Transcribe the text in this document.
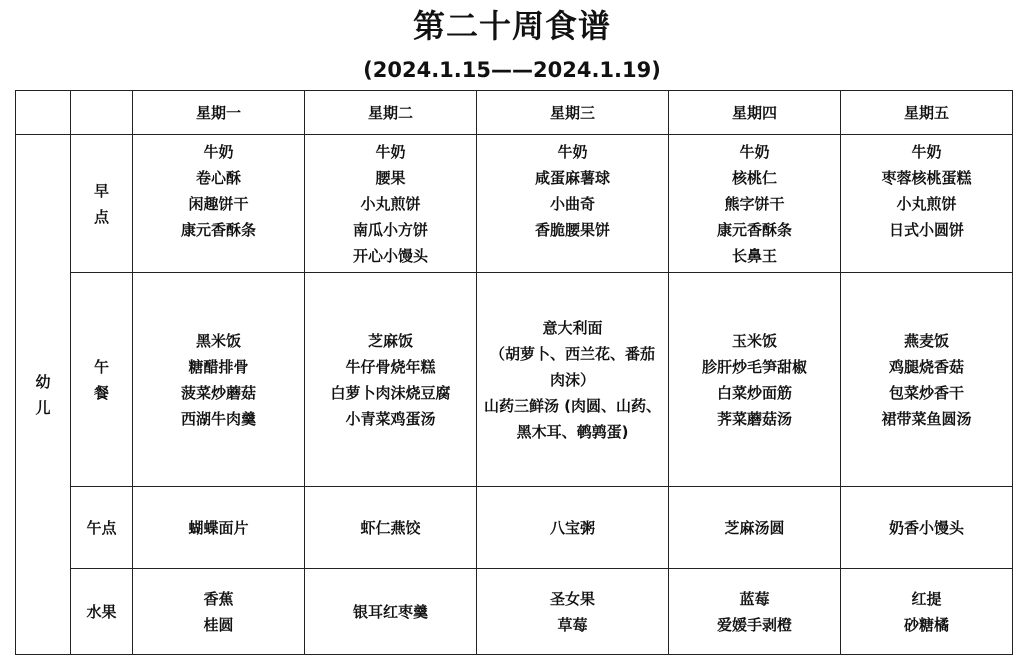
第二十周食谱
(2024.1.15——2024.1.19)
		星期一	星期二	星期三	星期四	星期五

幼
儿	早
点	牛奶
卷心酥
闲趣饼干
康元香酥条	牛奶
腰果
小丸煎饼
南瓜小方饼
开心小馒头	牛奶
咸蛋麻薯球
小曲奇
香脆腰果饼	牛奶
核桃仁
熊字饼干
康元香酥条
长鼻王	牛奶
枣蓉核桃蛋糕
小丸煎饼
日式小圆饼

	午
餐	黑米饭
糖醋排骨
菠菜炒蘑菇
西湖牛肉羹	芝麻饭
牛仔骨烧年糕
白萝卜肉沫烧豆腐
小青菜鸡蛋汤	意大利面
（胡萝卜、西兰花、番茄
肉沫）
山药三鲜汤 (肉圆、山药、
黑木耳、鹌鹑蛋)	玉米饭
胗肝炒毛笋甜椒
白菜炒面筋
荠菜蘑菇汤	燕麦饭
鸡腿烧香菇
包菜炒香干
裙带菜鱼圆汤

	午点	蝴蝶面片	虾仁燕饺	八宝粥	芝麻汤圆	奶香小馒头

	水果	香蕉
桂圆	银耳红枣羹	圣女果
草莓	蓝莓
爱媛手剥橙	红提
砂糖橘
